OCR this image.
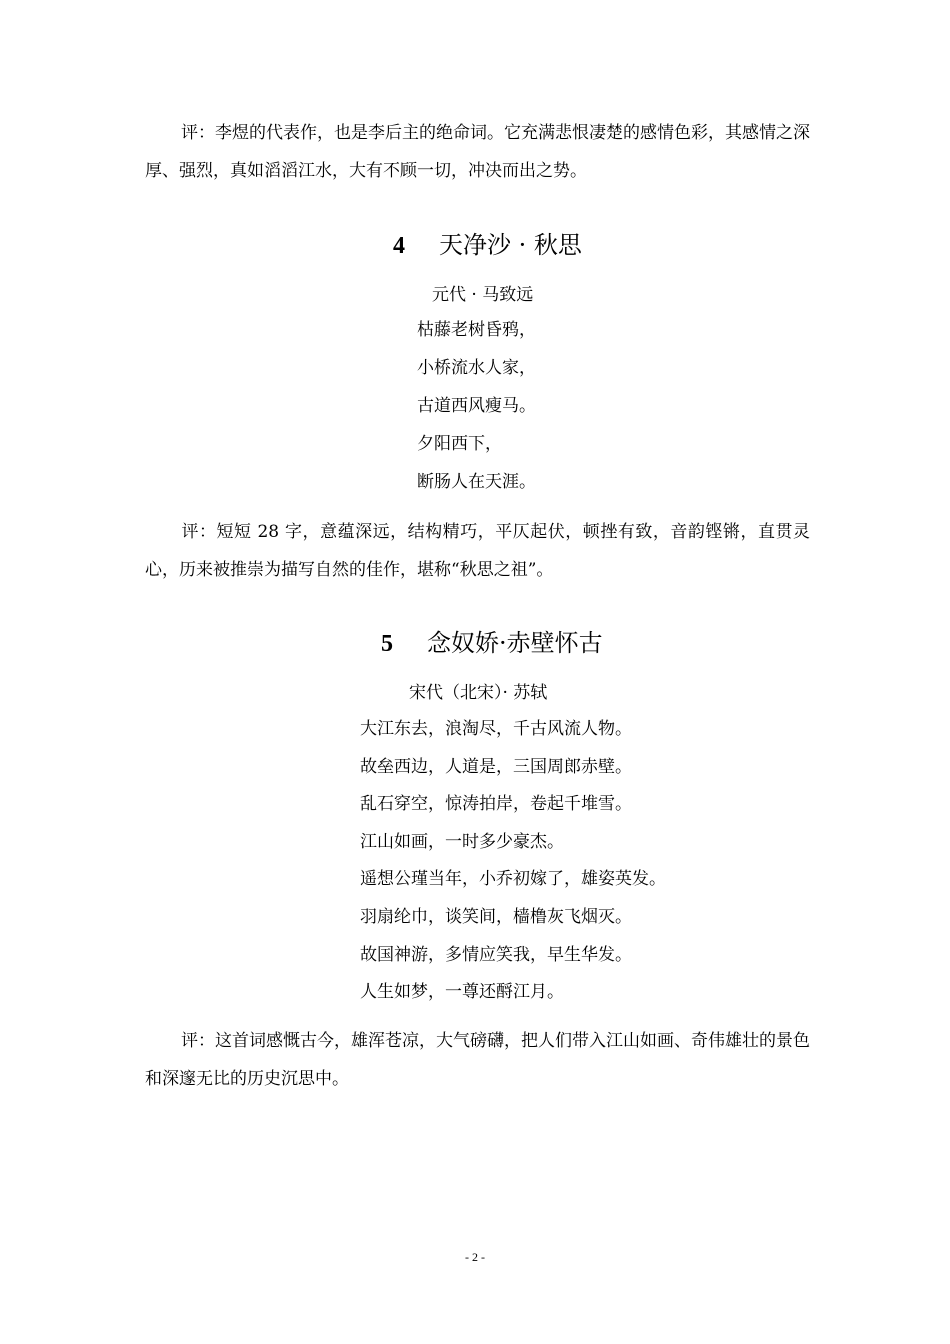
评：李煜的代表作，也是李后主的绝命词。它充满悲恨凄楚的感情色彩，其感情之深厚、强烈，真如滔滔江水，大有不顾一切，冲决而出之势。

4 天净沙 · 秋思
元代 · 马致远
枯藤老树昏鸦，
小桥流水人家，
古道西风瘦马。
夕阳西下，
断肠人在天涯。

评：短短 28 字，意蕴深远，结构精巧，平仄起伏，顿挫有致，音韵铿锵，直贯灵心，历来被推崇为描写自然的佳作，堪称“秋思之祖”。

5 念奴娇·赤壁怀古
宋代（北宋）· 苏轼
大江东去，浪淘尽，千古风流人物。
故垒西边，人道是，三国周郎赤壁。
乱石穿空，惊涛拍岸，卷起千堆雪。
江山如画，一时多少豪杰。
遥想公瑾当年，小乔初嫁了，雄姿英发。
羽扇纶巾，谈笑间，樯橹灰飞烟灭。
故国神游，多情应笑我，早生华发。
人生如梦，一尊还酹江月。

评：这首词感慨古今，雄浑苍凉，大气磅礴，把人们带入江山如画、奇伟雄壮的景色和深邃无比的历史沉思中。

- 2 -
